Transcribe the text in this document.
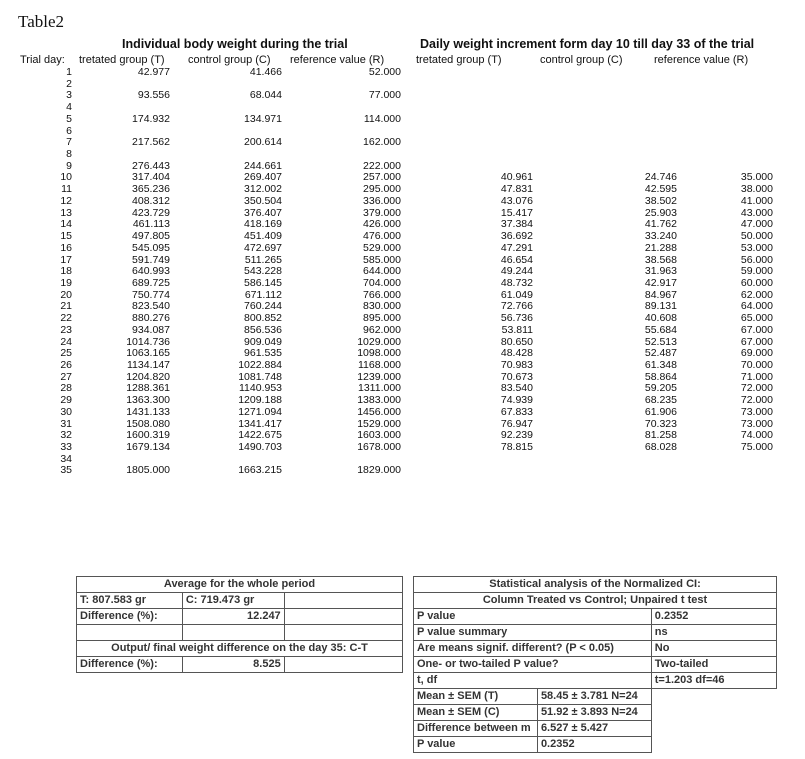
Table2
Individual body weight during the trial	Daily weight increment form day 10 till day 33 of the trial
Trial day: tretated group (T) control group (C) reference value (R)	tretated group (T)	control group (C)	reference value (R)
1	42.977	41.466	52.000
2
3	93.556	68.044	77.000
4
5	174.932	134.971	114.000
6
7	217.562	200.614	162.000
8
9	276.443	244.661	222.000
10	317.404	269.407	257.000	40.961	24.746	35.000
11	365.236	312.002	295.000	47.831	42.595	38.000
12	408.312	350.504	336.000	43.076	38.502	41.000
13	423.729	376.407	379.000	15.417	25.903	43.000
14	461.113	418.169	426.000	37.384	41.762	47.000
15	497.805	451.409	476.000	36.692	33.240	50.000
16	545.095	472.697	529.000	47.291	21.288	53.000
17	591.749	511.265	585.000	46.654	38.568	56.000
18	640.993	543.228	644.000	49.244	31.963	59.000
19	689.725	586.145	704.000	48.732	42.917	60.000
20	750.774	671.112	766.000	61.049	84.967	62.000
21	823.540	760.244	830.000	72.766	89.131	64.000
22	880.276	800.852	895.000	56.736	40.608	65.000
23	934.087	856.536	962.000	53.811	55.684	67.000
24	1014.736	909.049	1029.000	80.650	52.513	67.000
25	1063.165	961.535	1098.000	48.428	52.487	69.000
26	1134.147	1022.884	1168.000	70.983	61.348	70.000
27	1204.820	1081.748	1239.000	70.673	58.864	71.000
28	1288.361	1140.953	1311.000	83.540	59.205	72.000
29	1363.300	1209.188	1383.000	74.939	68.235	72.000
30	1431.133	1271.094	1456.000	67.833	61.906	73.000
31	1508.080	1341.417	1529.000	76.947	70.323	73.000
32	1600.319	1422.675	1603.000	92.239	81.258	74.000
33	1679.134	1490.703	1678.000	78.815	68.028	75.000
34
35	1805.000	1663.215	1829.000
Average for the whole period		
T: 807.583 gr	C: 719.473 gr	
Difference (%):	12.247	

Output/ final weight difference on the day 35: C-T		
Difference (%):	8.525	
Statistical analysis of the Normalized CI:		
Column Treated vs Control; Unpaired t test		
P value		0.2352
P value summary		ns
Are means signif. different? (P < 0.05)		No
One- or two-tailed P value?		Two-tailed
t, df		t=1.203 df=46
Mean ± SEM (T)	58.45 ± 3.781 N=24	
Mean ± SEM (C)	51.92 ± 3.893 N=24	
Difference between m	6.527 ± 5.427	
P value	0.2352	
